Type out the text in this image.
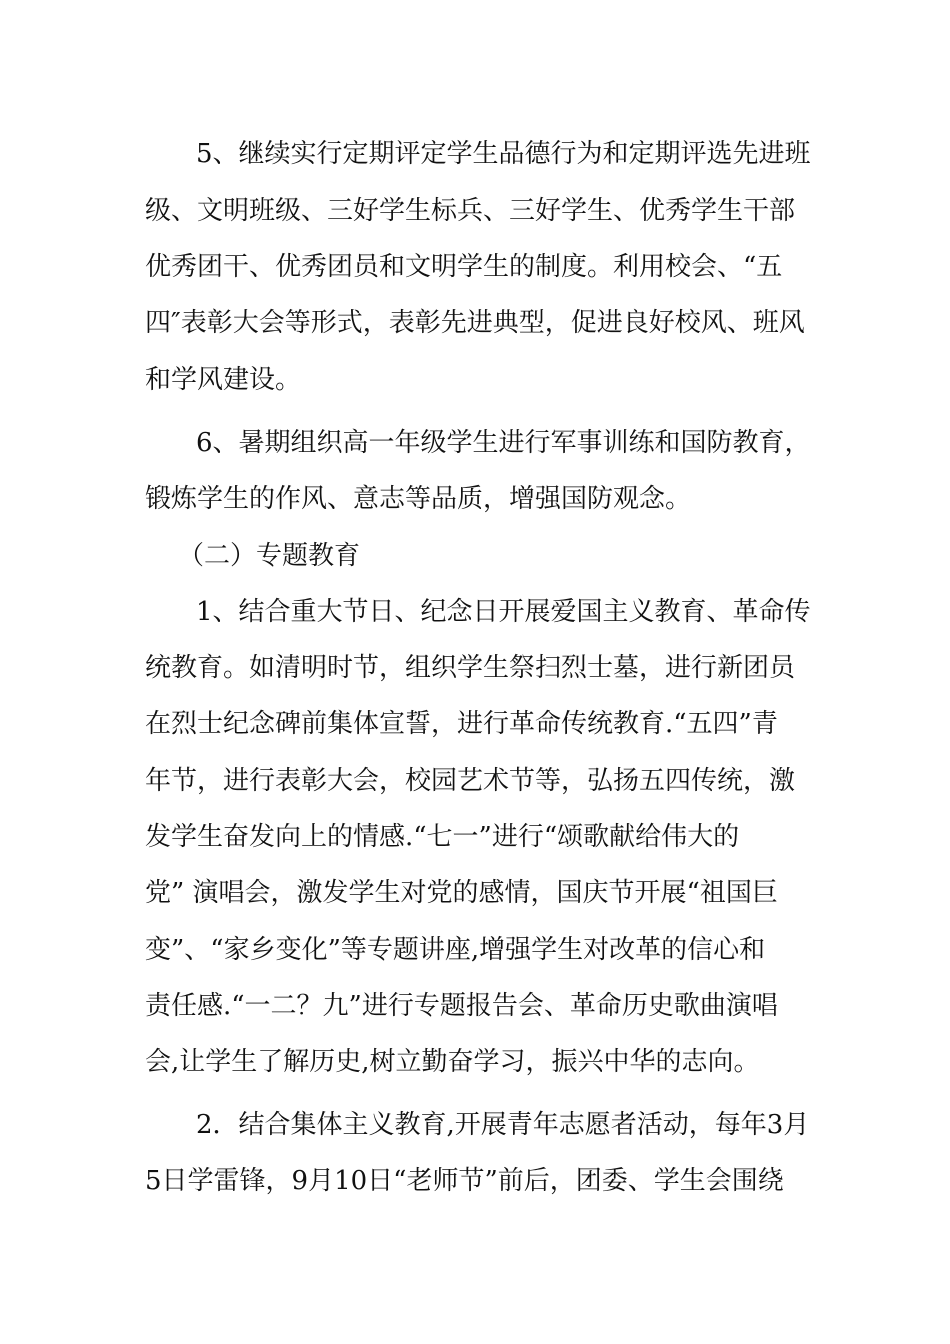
5、继续实行定期评定学生品德行为和定期评选先进班
级、文明班级、三好学生标兵、三好学生、优秀学生干部
优秀团干、优秀团员和文明学生的制度。利用校会、“五
四″表彰大会等形式，表彰先进典型，促进良好校风、班风
和学风建设。
6、暑期组织高一年级学生进行军事训练和国防教育，
锻炼学生的作风、意志等品质，增强国防观念。
（二）专题教育
1、结合重大节日、纪念日开展爱国主义教育、革命传
统教育。如清明时节，组织学生祭扫烈士墓，进行新团员
在烈士纪念碑前集体宣誓，进行革命传统教育.“五四”青
年节，进行表彰大会，校园艺术节等，弘扬五四传统，激
发学生奋发向上的情感.“七一”进行“颂歌献给伟大的
党” 演唱会，激发学生对党的感情，国庆节开展“祖国巨
变”、“家乡变化”等专题讲座,增强学生对改革的信心和
责任感.“一二？九”进行专题报告会、革命历史歌曲演唱
会,让学生了解历史,树立勤奋学习，振兴中华的志向。
2．结合集体主义教育,开展青年志愿者活动，每年3月
5日学雷锋，9月10日“老师节”前后，团委、学生会围绕
